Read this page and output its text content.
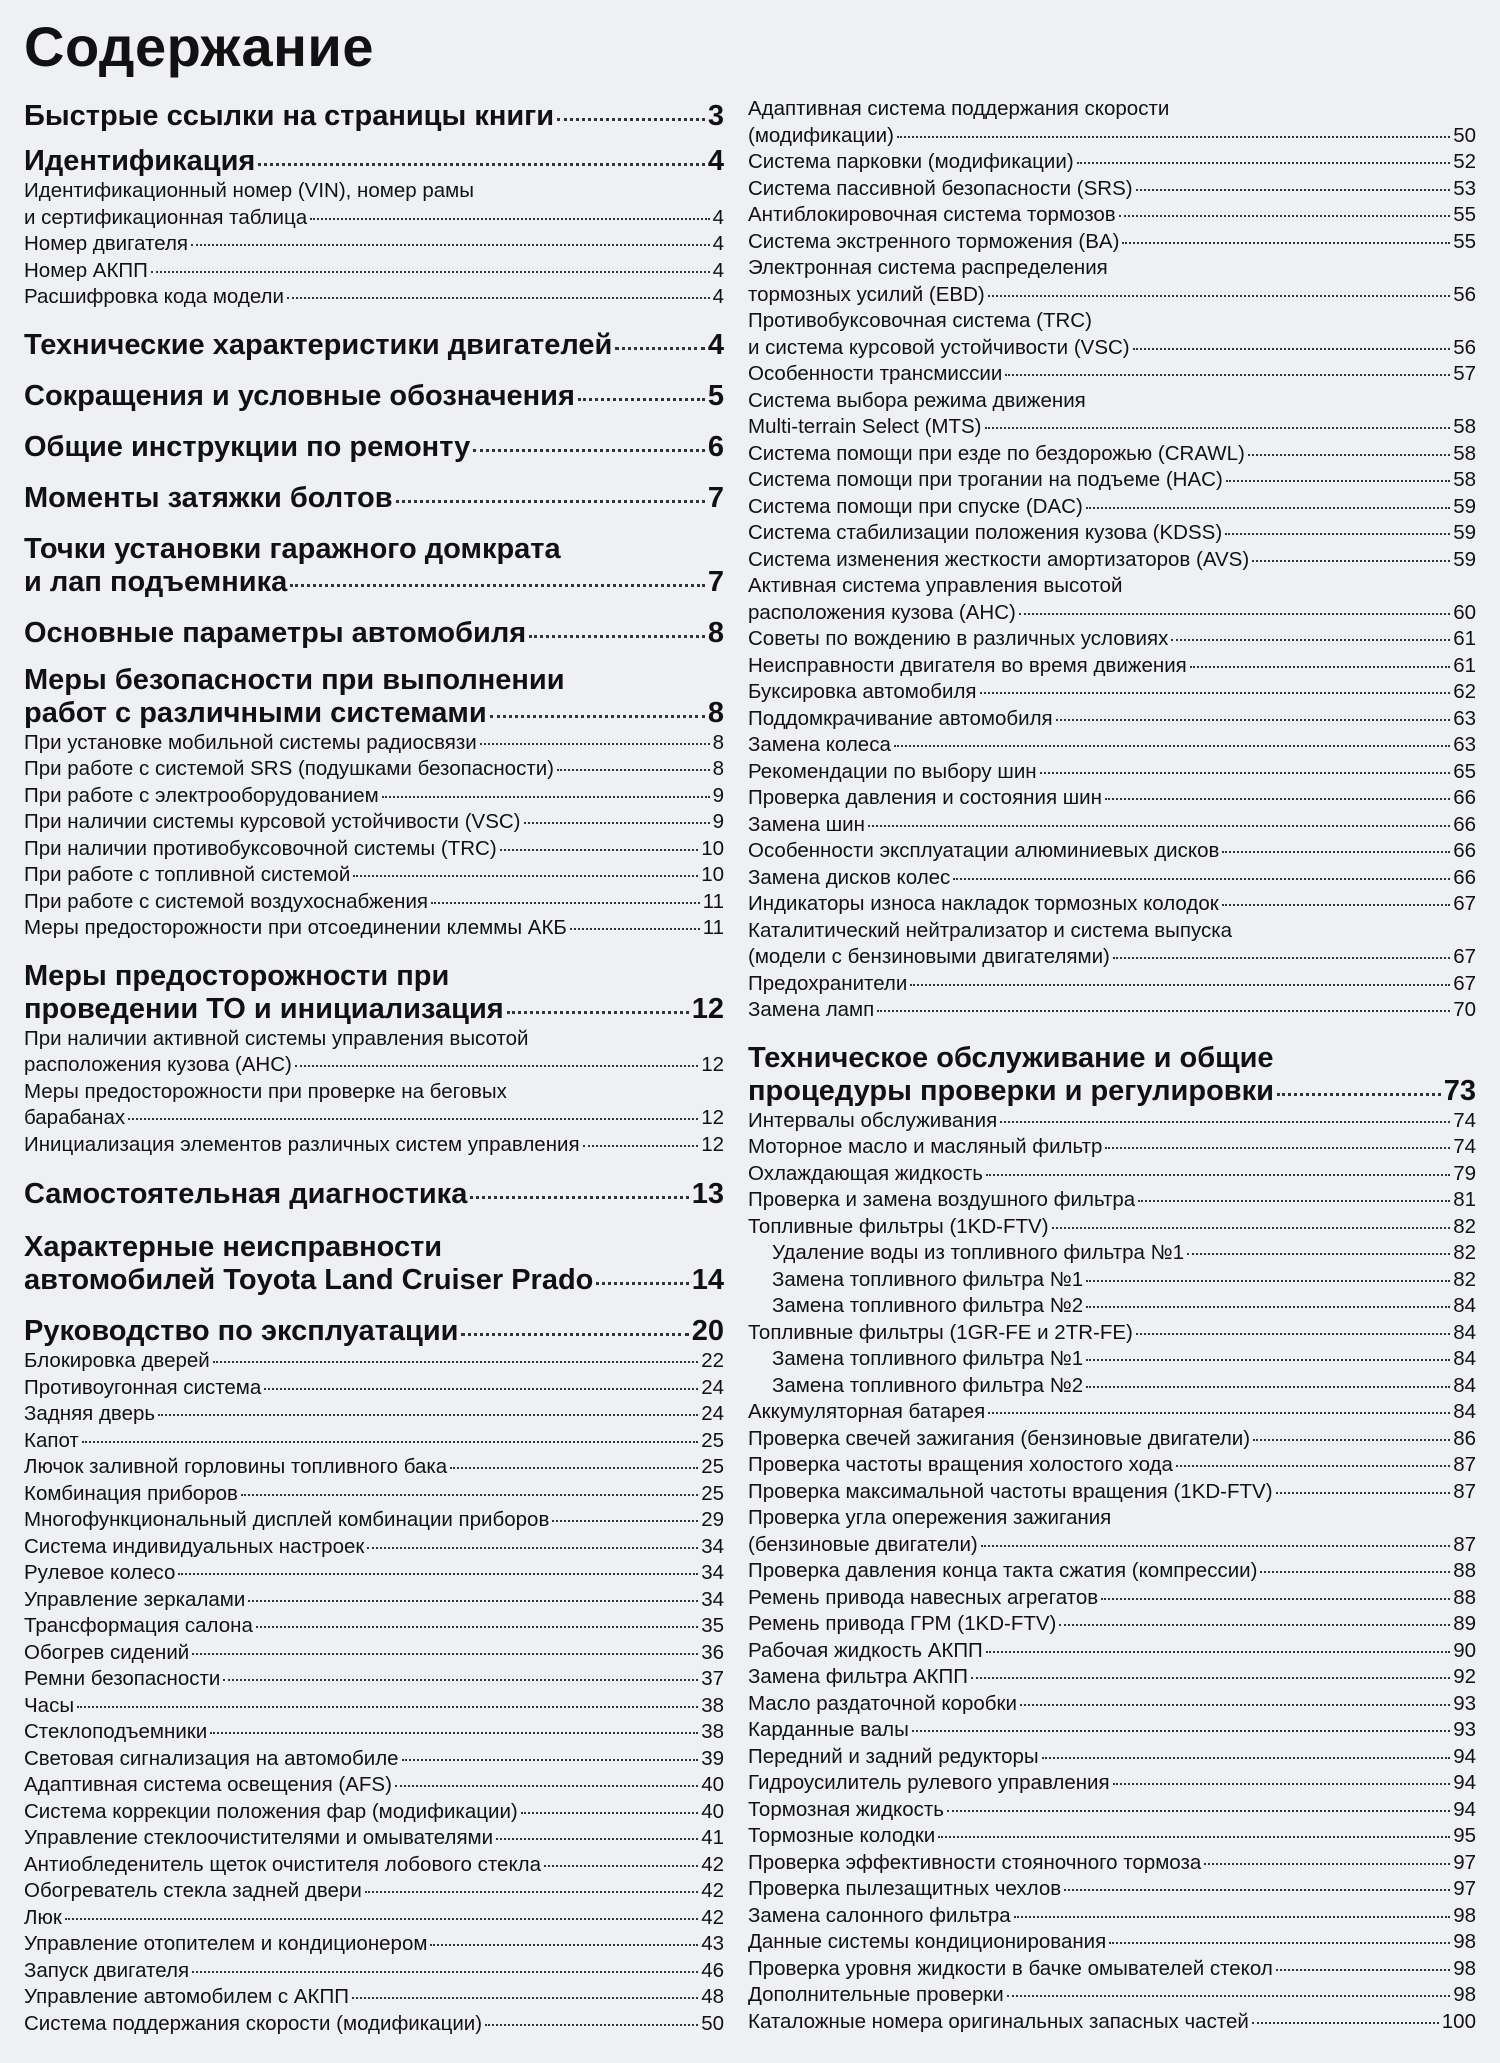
Содержание
Быстрые ссылки на страницы книги	3
Идентификация	4
Идентификационный номер (VIN), номер рамы
и сертификационная таблица	4
Номер двигателя	4
Номер АКПП	4
Расшифровка кода модели	4
Технические характеристики двигателей	4
Сокращения и условные обозначения	5
Общие инструкции по ремонту	6
Моменты затяжки болтов	7
Точки установки гаражного домкрата
и лап подъемника	7
Основные параметры автомобиля	8
Меры безопасности при выполнении
работ с различными системами	8
При установке мобильной системы радиосвязи	8
При работе с системой SRS (подушками безопасности)	8
При работе с электрооборудованием	9
При наличии системы курсовой устойчивости (VSC)	9
При наличии противобуксовочной системы (TRC)	10
При работе с топливной системой	10
При работе с системой воздухоснабжения	11
Меры предосторожности при отсоединении клеммы АКБ	11
Меры предосторожности при
проведении ТО и инициализация	12
При наличии активной системы управления высотой
расположения кузова (AHC)	12
Меры предосторожности при проверке на беговых
барабанах	12
Инициализация элементов различных систем управления	12
Самостоятельная диагностика	13
Характерные неисправности
автомобилей Toyota Land Cruiser Prado	14
Руководство по эксплуатации	20
Блокировка дверей	22
Противоугонная система	24
Задняя дверь	24
Капот	25
Лючок заливной горловины топливного бака	25
Комбинация приборов	25
Многофункциональный дисплей комбинации приборов	29
Система индивидуальных настроек	34
Рулевое колесо	34
Управление зеркалами	34
Трансформация салона	35
Обогрев сидений	36
Ремни безопасности	37
Часы	38
Стеклоподъемники	38
Световая сигнализация на автомобиле	39
Адаптивная система освещения (AFS)	40
Система коррекции положения фар (модификации)	40
Управление стеклоочистителями и омывателями	41
Антиобледенитель щеток очистителя лобового стекла	42
Обогреватель стекла задней двери	42
Люк	42
Управление отопителем и кондиционером	43
Запуск двигателя	46
Управление автомобилем с АКПП	48
Система поддержания скорости (модификации)	50
Адаптивная система поддержания скорости
(модификации)	50
Система парковки (модификации)	52
Система пассивной безопасности (SRS)	53
Антиблокировочная система тормозов	55
Система экстренного торможения (BA)	55
Электронная система распределения
тормозных усилий (EBD)	56
Противобуксовочная система (TRC)
и система курсовой устойчивости (VSC)	56
Особенности трансмиссии	57
Система выбора режима движения
Multi-terrain Select (MTS)	58
Система помощи при езде по бездорожью (CRAWL)	58
Система помощи при трогании на подъеме (HAC)	58
Система помощи при спуске (DAC)	59
Система стабилизации положения кузова (KDSS)	59
Система изменения жесткости амортизаторов (AVS)	59
Активная система управления высотой
расположения кузова (AHC)	60
Советы по вождению в различных условиях	61
Неисправности двигателя во время движения	61
Буксировка автомобиля	62
Поддомкрачивание автомобиля	63
Замена колеса	63
Рекомендации по выбору шин	65
Проверка давления и состояния шин	66
Замена шин	66
Особенности эксплуатации алюминиевых дисков	66
Замена дисков колес	66
Индикаторы износа накладок тормозных колодок	67
Каталитический нейтрализатор и система выпуска
(модели с бензиновыми двигателями)	67
Предохранители	67
Замена ламп	70
Техническое обслуживание и общие
процедуры проверки и регулировки	73
Интервалы обслуживания	74
Моторное масло и масляный фильтр	74
Охлаждающая жидкость	79
Проверка и замена воздушного фильтра	81
Топливные фильтры (1KD-FTV)	82
Удаление воды из топливного фильтра №1	82
Замена топливного фильтра №1	82
Замена топливного фильтра №2	84
Топливные фильтры (1GR-FE и 2TR-FE)	84
Замена топливного фильтра №1	84
Замена топливного фильтра №2	84
Аккумуляторная батарея	84
Проверка свечей зажигания (бензиновые двигатели)	86
Проверка частоты вращения холостого хода	87
Проверка максимальной частоты вращения (1KD-FTV)	87
Проверка угла опережения зажигания
(бензиновые двигатели)	87
Проверка давления конца такта сжатия (компрессии)	88
Ремень привода навесных агрегатов	88
Ремень привода ГРМ (1KD-FTV)	89
Рабочая жидкость АКПП	90
Замена фильтра АКПП	92
Масло раздаточной коробки	93
Карданные валы	93
Передний и задний редукторы	94
Гидроусилитель рулевого управления	94
Тормозная жидкость	94
Тормозные колодки	95
Проверка эффективности стояночного тормоза	97
Проверка пылезащитных чехлов	97
Замена салонного фильтра	98
Данные системы кондиционирования	98
Проверка уровня жидкости в бачке омывателей стекол	98
Дополнительные проверки	98
Каталожные номера оригинальных запасных частей	100
